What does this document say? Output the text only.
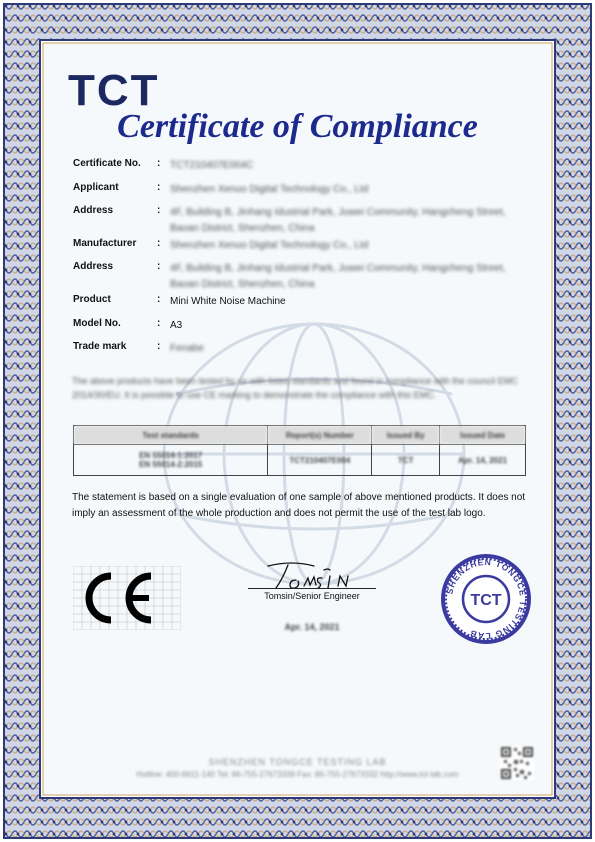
TCT
Certificate of Compliance
Certificate No.	: TCT210407E004C
Applicant	: Shenzhen Xenuo Digital Technology Co., Ltd
Address	: 4F, Building B, Jinhang Idustrial Park, Juwei Community, Hangcheng Street, Baoan District, Shenzhen, China
Manufacturer	: Shenzhen Xenuo Digital Technology Co., Ltd
Address	: 4F, Building B, Jinhang Idustrial Park, Juwei Community, Hangcheng Street, Baoan District, Shenzhen, China
Product	: Mini White Noise Machine
Model No.	: A3
Trade mark	: Fenabe
The above products have been tested by us with listed standards and found in compliance with the council EMC 2014/30/EU. It is possible to use CE marking to demonstrate the compliance with this EMC.
Test standards	Report(s) Number	Issued By	Issued Date

EN 55014-1:2017
EN 55014-2:2015	TCT210407E004	TCT	Apr. 14, 2021
The statement is based on a single evaluation of one sample of above mentioned products. It does not imply an assessment of the whole production and does not permit the use of the test lab logo.
Tomsin/Senior Engineer
Apr. 14, 2021
SHENZHEN TONGCE TESTING LAB
TCT
SHENZHEN TONGCE TESTING LAB
Hotline: 400-6611-140 Tel: 86-755-27673339 Fax: 86-755-27673332 http://www.tct-lab.com
